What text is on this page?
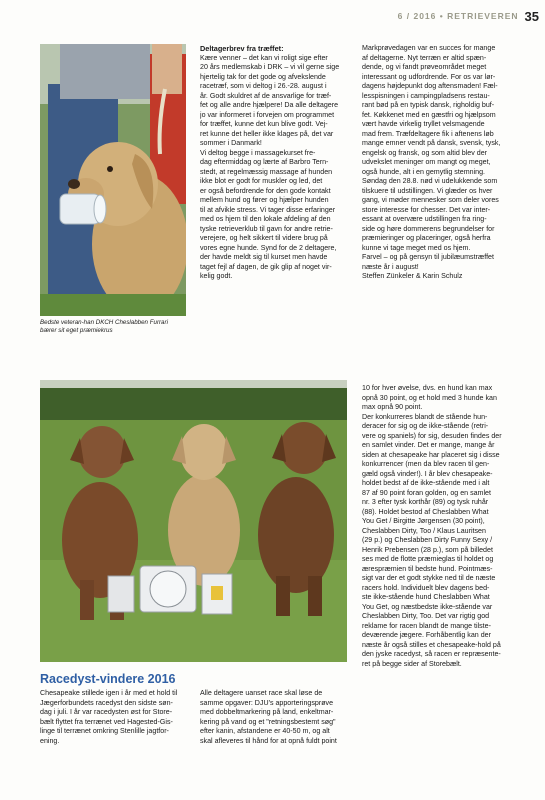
6 / 2016 • RETRIEVEREN 35
Bedste veteran-han DKCH Cheslabben Furrari
bærer sit eget præmiekrus

Deltagerbrev fra træffet:

Kære venner – det kan vi roligt sige efter

20 års medlemskab i DRK – vi vil gerne sige

hjertelig tak for det gode og afvekslende

racetræf, som vi deltog i 26.-28. august i

år. Godt skuldret af de ansvarlige for træf-

fet og alle andre hjælpere! Da alle deltagere

jo var informeret i forvejen om programmet

for træffet, kunne det kun blive godt. Vej-

ret kunne det heller ikke klages på, det var

sommer i Danmark!

Vi deltog begge i massagekurset fre-

dag eftermiddag og lærte af Barbro Tern-

stedt, at regelmæssig massage af hunden

ikke blot er godt for muskler og led, det

er også befordrende for den gode kontakt

mellem hund og fører og hjælper hunden

til at afvikle stress. Vi tager disse erfaringer

med os hjem til den lokale afdeling af den

tyske retrieverklub til gavn for andre retrie-

verejere, og helt sikkert til videre brug på

vores egne hunde. Synd for de 2 deltagere,

der havde meldt sig til kurset men havde

taget fejl af dagen, de gik glip af noget vir-

kelig godt.

Markprøvedagen var en succes for mange

af deltagerne. Nyt terræn er altid spæn-

dende, og vi fandt prøveområdet meget

interessant og udfordrende. For os var lør-

dagens højdepunkt dog aftensmaden! Fæl-

lesspisningen i campingpladsens restau-

rant bød på en typisk dansk, righoldig buf-

fet. Køkkenet med en gæstfri og hjælpsom

vært havde virkelig tryllet velsmagende

mad frem. Træfdeltagere fik i aftenens løb

mange emner vendt på dansk, svensk, tysk,

engelsk og fransk, og som altid blev der

udvekslet meninger om mangt og meget,

også hunde, alt i en gemytlig stemning.

Søndag den 28.8. nød vi udelukkende som

tilskuere til udstillingen. Vi glæder os hver

gang, vi møder mennesker som deler vores

store interesse for chesser. Det var inter-

essant at overvære udstillingen fra ring-

side og høre dommerens begrundelser for

præmieringer og placeringer, også herfra

kunne vi tage meget med os hjem.

Farvel – og på gensyn til jubilæumstræffet

næste år i august!

Steffen Zünkeler & Karin Schulz

Racedyst-vindere 2016

Chesapeake stillede igen i år med et hold til

Jægerforbundets racedyst den sidste søn-

dag i juli. I år var racedysten øst for Store-

bælt flyttet fra terrænet ved Hagested-Gis-

linge til terrænet omkring Stenlille jagtfor-

ening.

Alle deltagere uanset race skal løse de

samme opgaver: DJU's apporteringsprøve

med dobbeltmarkering på land, enkeltmar-

kering på vand og et "retningsbestemt søg"

efter kanin, afstandene er 40-50 m, og alt

skal afleveres til hånd for at opnå fuldt point

10 for hver øvelse, dvs. en hund kan max

opnå 30 point, og et hold med 3 hunde kan

max opnå 90 point.

Der konkurreres blandt de stående hun-

deracer for sig og de ikke-stående (retri-

vere og spaniels) for sig, desuden findes der

en samlet vinder. Det er mange, mange år

siden at chesapeake har placeret sig i disse

konkurrencer (men da blev racen til gen-

gæld også vinder!). I år blev chesapeake-

holdet bedst af de ikke-stående med i alt

87 af 90 point foran golden, og en samlet

nr. 3 efter tysk korthår (89) og tysk ruhår

(88). Holdet bestod af Cheslabben What

You Get / Birgitte Jørgensen (30 point),

Cheslabben Dirty, Too / Klaus Lauritsen

(29 p.) og Cheslabben Dirty Funny Sexy /

Henrik Prebensen (28 p.), som på billedet

ses med de flotte præmieglas til holdet og

ærespræmien til bedste hund. Pointmæs-

sigt var der et godt stykke ned til de næste

racers hold. Individuelt blev dagens bed-

ste ikke-stående hund Cheslabben What

You Get, og næstbedste ikke-stående var

Cheslabben Dirty, Too. Det var rigtig god

reklame for racen blandt de mange tilste-

deværende jægere. Forhåbentlig kan der

næste år også stilles et chesapeake-hold på

den jyske racedyst, så racen er repræsente-

ret på begge sider af Storebælt.
